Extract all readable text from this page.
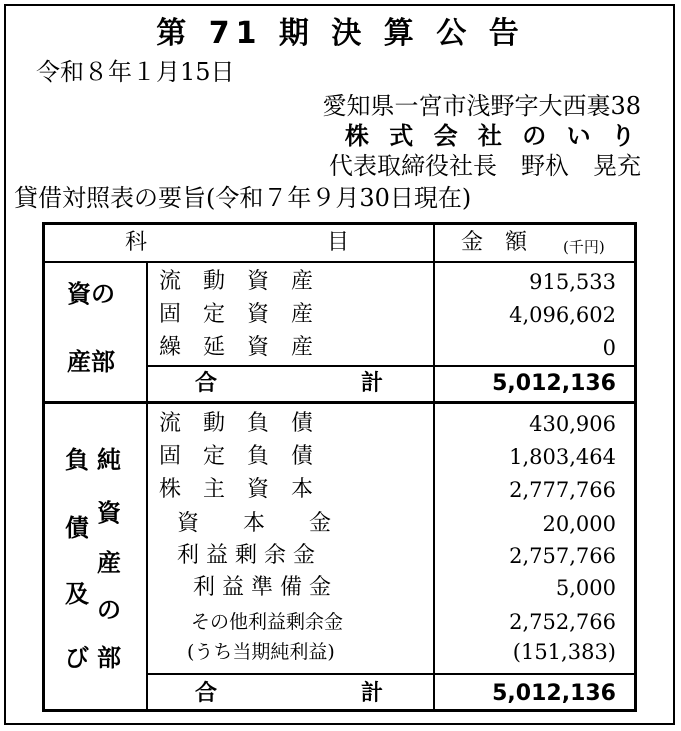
第 71 期 決 算 公 告
令和８年１月15日
愛知県一宮市浅野字大西裏38
株 式 会 社 の い り
代表取締役社長　野杁　晃充
貸借対照表の要旨(令和７年９月30日現在)
科	目	金　額 (千円)
資の
産部
流　動　資　産	915,533
固　定　資　産	4,096,602
繰　延　資　産	0
合	計	5,012,136
負
債
及
び
純
資
産
の
部
流　動　負　債	430,906
固　定　負　債	1,803,464
株　主　資　本	2,777,766
資　　本　　金	20,000
利 益 剰 余 金	2,757,766
利 益 準 備 金	5,000
その他利益剰余金	2,752,766
(うち当期純利益)	(151,383)
合	計	5,012,136
